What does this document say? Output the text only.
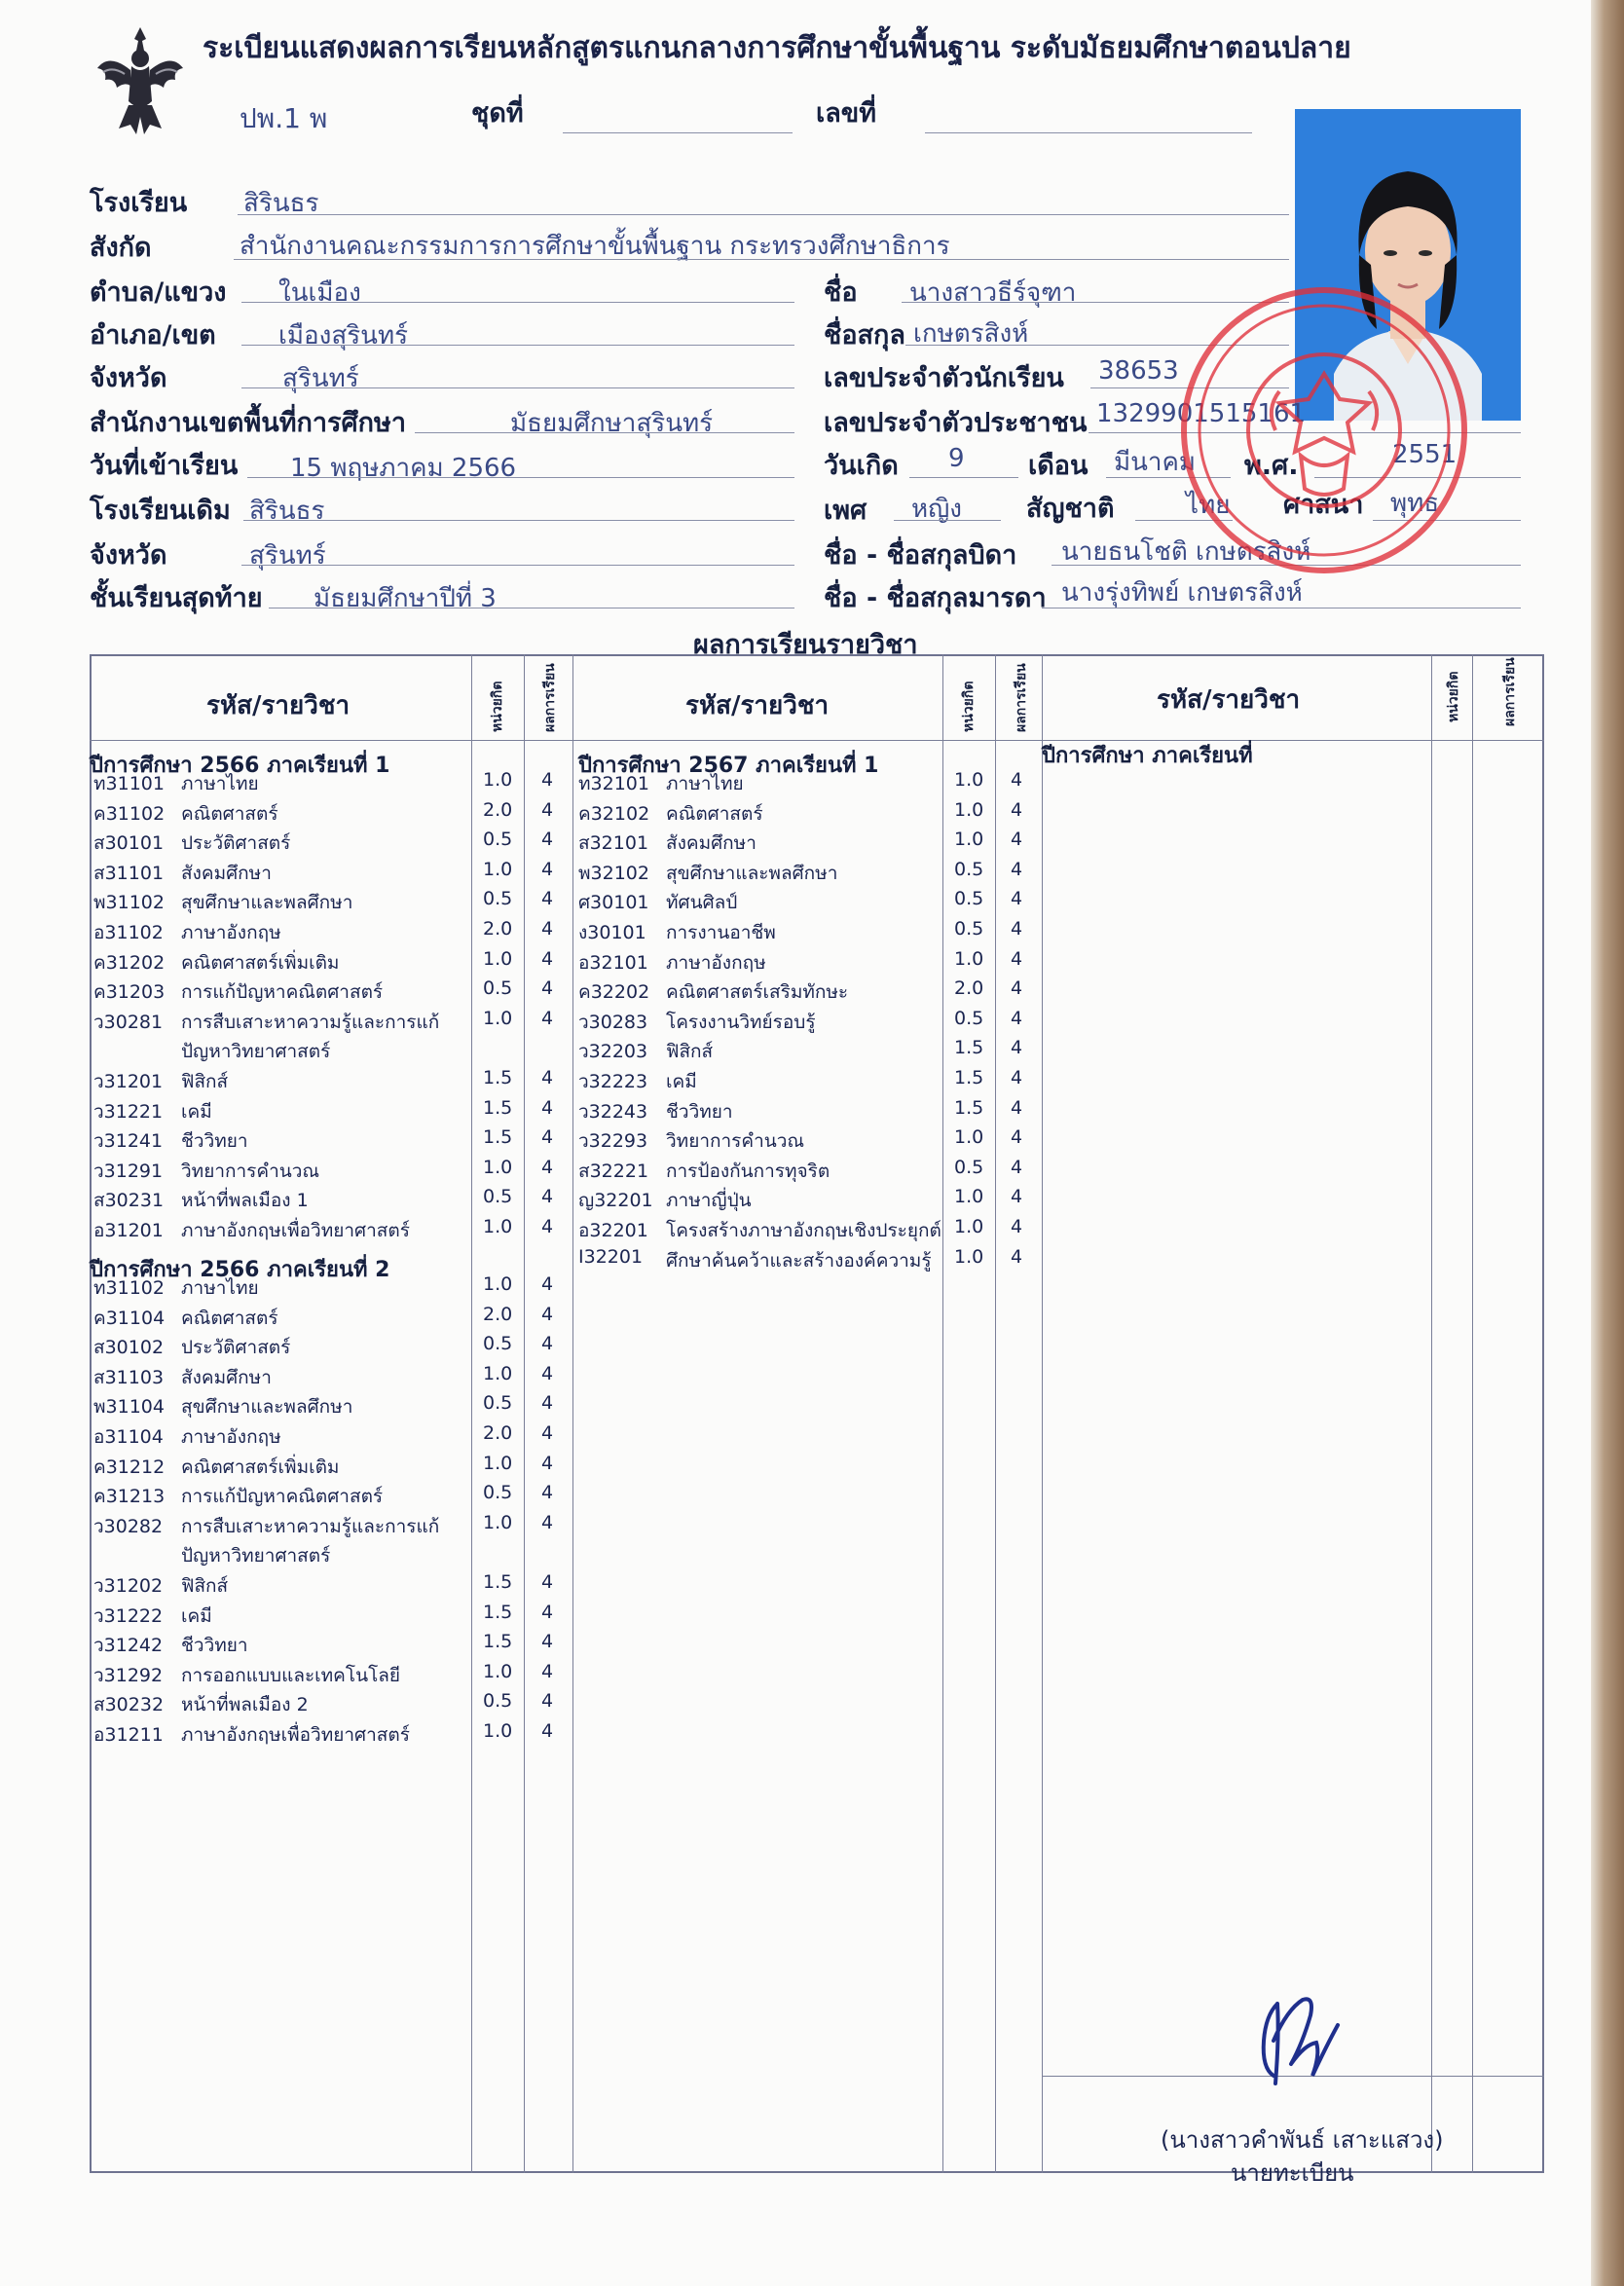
ระเบียนแสดงผลการเรียนหลักสูตรแกนกลางการศึกษาขั้นพื้นฐาน ระดับมัธยมศึกษาตอนปลาย
ปพ.1 พ	ชุดที่	เลขที่
โรงเรียน สิรินธร
สังกัด	สำนักงานคณะกรรมการการศึกษาขั้นพื้นฐาน กระทรวงศึกษาธิการ
ตำบล/แขวง ในเมือง
อำเภอ/เขต เมืองสุรินทร์
จังหวัด	สุรินทร์
สำนักงานเขตพื้นที่การศึกษา	มัธยมศึกษาสุรินทร์
วันที่เข้าเรียน 15 พฤษภาคม 2566
โรงเรียนเดิม สิรินธร
จังหวัด	สุรินทร์
ชั้นเรียนสุดท้าย มัธยมศึกษาปีที่ 3
ชื่อ นางสาวธีร์จุฑา
ชื่อสกุล เกษตรสิงห์
เลขประจำตัวนักเรียน 38653
เลขประจำตัวประชาชน 1329901515161
วันเกิด 9 เดือน มีนาคม พ.ศ.	2551
เพศ หญิง สัญชาติ	ไทย ศาสนา พุทธ
ชื่อ - ชื่อสกุลบิดา นายธนโชติ เกษตรสิงห์
ชื่อ - ชื่อสกุลมารดา นางรุ่งทิพย์ เกษตรสิงห์
ผลการเรียนรายวิชา
รหัส/รายวิชา	หน่วยกิต	ผลการเรียน	รหัส/รายวิชา	หน่วยกิต	ผลการเรียน	รหัส/รายวิชา	หน่วยกิต	ผลการเรียน
ปีการศึกษา 2566 ภาคเรียนที่ 1
ท31101 ภาษาไทย	1.0 4
ค31102 คณิตศาสตร์	2.0 4
ส30101 ประวัติศาสตร์	0.5 4
ส31101 สังคมศึกษา	1.0 4
พ31102 สุขศึกษาและพลศึกษา	0.5 4
อ31102 ภาษาอังกฤษ	2.0 4
ค31202 คณิตศาสตร์เพิ่มเติม	1.0 4
ค31203 การแก้ปัญหาคณิตศาสตร์	0.5 4
ว30281 การสืบเสาะหาความรู้และการแก้ 1.0 4
ปัญหาวิทยาศาสตร์
ว31201 ฟิสิกส์	1.5 4
ว31221 เคมี	1.5 4
ว31241 ชีววิทยา	1.5 4
ว31291 วิทยาการคำนวณ	1.0 4
ส30231 หน้าที่พลเมือง 1	0.5 4
อ31201 ภาษาอังกฤษเพื่อวิทยาศาสตร์	1.0 4
ปีการศึกษา 2566 ภาคเรียนที่ 2
ท31102 ภาษาไทย	1.0 4
ค31104 คณิตศาสตร์	2.0 4
ส30102 ประวัติศาสตร์	0.5 4
ส31103 สังคมศึกษา	1.0 4
พ31104 สุขศึกษาและพลศึกษา	0.5 4
อ31104 ภาษาอังกฤษ	2.0 4
ค31212 คณิตศาสตร์เพิ่มเติม	1.0 4
ค31213 การแก้ปัญหาคณิตศาสตร์	0.5 4
ว30282 การสืบเสาะหาความรู้และการแก้ 1.0 4
ปัญหาวิทยาศาสตร์
ว31202 ฟิสิกส์	1.5 4
ว31222 เคมี	1.5 4
ว31242 ชีววิทยา	1.5 4
ว31292 การออกแบบและเทคโนโลยี	1.0 4
ส30232 หน้าที่พลเมือง 2	0.5 4
อ31211 ภาษาอังกฤษเพื่อวิทยาศาสตร์	1.0 4
ปีการศึกษา 2567 ภาคเรียนที่ 1
ท32101 ภาษาไทย	1.0 4
ค32102 คณิตศาสตร์	1.0 4
ส32101 สังคมศึกษา	1.0 4
พ32102 สุขศึกษาและพลศึกษา	0.5 4
ศ30101 ทัศนศิลป์	0.5 4
ง30101 การงานอาชีพ	0.5 4
อ32101 ภาษาอังกฤษ	1.0 4
ค32202 คณิตศาสตร์เสริมทักษะ	2.0 4
ว30283 โครงงานวิทย์รอบรู้	0.5 4
ว32203 ฟิสิกส์	1.5 4
ว32223 เคมี	1.5 4
ว32243 ชีววิทยา	1.5 4
ว32293 วิทยาการคำนวณ	1.0 4
ส32221 การป้องกันการทุจริต	0.5 4
ญ32201 ภาษาญี่ปุ่น	1.0 4
อ32201 โครงสร้างภาษาอังกฤษเชิงประยุกต์ 1.0 4
I32201 ศึกษาค้นคว้าและสร้างองค์ความรู้ 1.0 4
ปีการศึกษา ภาคเรียนที่
(นางสาวคำพันธ์ เสาะแสวง)
นายทะเบียน
